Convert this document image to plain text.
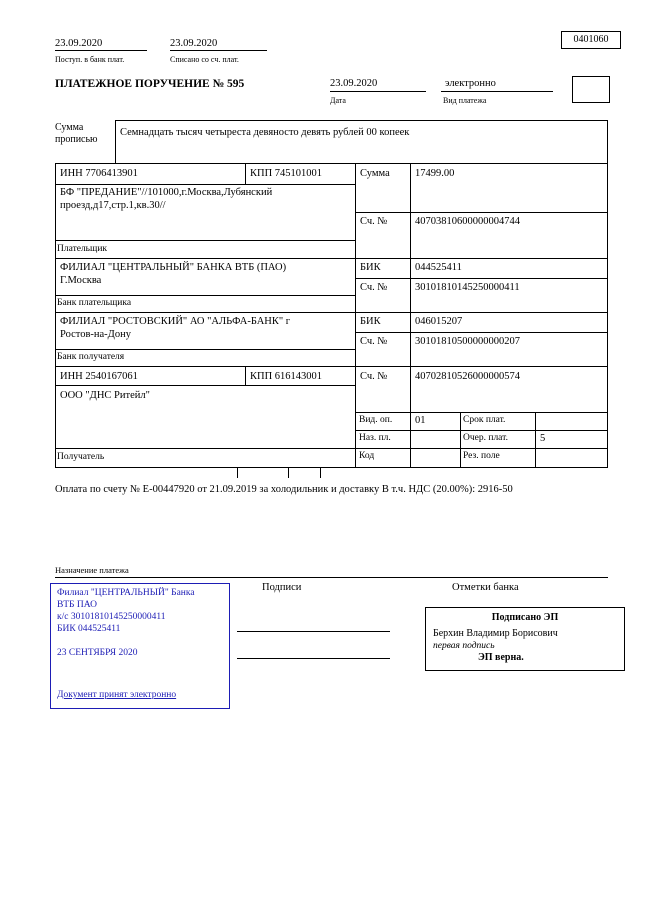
23.09.2020	23.09.2020
Поступ. в банк плат.	Списано со сч. плат.
0401060
ПЛАТЕЖНОЕ ПОРУЧЕНИЕ № 595	23.09.2020	электронно
Дата	Вид платежа
Сумма
прописью
Семнадцать тысяч четыреста девяносто девять рублей 00 копеек
ИНН 7706413901	КПП 745101001	Сумма 17499.00
БФ "ПРЕДАНИЕ"//101000,г.Москва,Лубянский проезд,д17,стр.1,кв.30//
Сч. №	40703810600000004744
Плательщик
ФИЛИАЛ "ЦЕНТРАЛЬНЫЙ" БАНКА ВТБ (ПАО) Г.Москва
БИК	044525411
Сч. №	30101810145250000411
Банк плательщика
ФИЛИАЛ "РОСТОВСКИЙ" АО "АЛЬФА-БАНК" г Ростов-на-Дону
БИК	046015207
Сч. №	30101810500000000207
Банк получателя
ИНН 2540167061	КПП 616143001	Сч. №	40702810526000000574
ООО "ДНС Ритейл"
Вид. оп. 01	Срок плат.
Наз. пл.	Очер. плат.	5
Код	Рез. поле
Получатель
Оплата по счету № Е-00447920 от 21.09.2019 за холодильник и доставку В т.ч. НДС (20.00%): 2916-50
Назначение платежа
Подписи	Отметки банка
Филиал "ЦЕНТРАЛЬНЫЙ" Банка
ВТБ ПАО
к/с 30101810145250000411
БИК 044525411
23 СЕНТЯБРЯ 2020
Документ принят электронно
Подписано ЭП
Берхин Владимир Борисович
первая подпись
ЭП верна.
